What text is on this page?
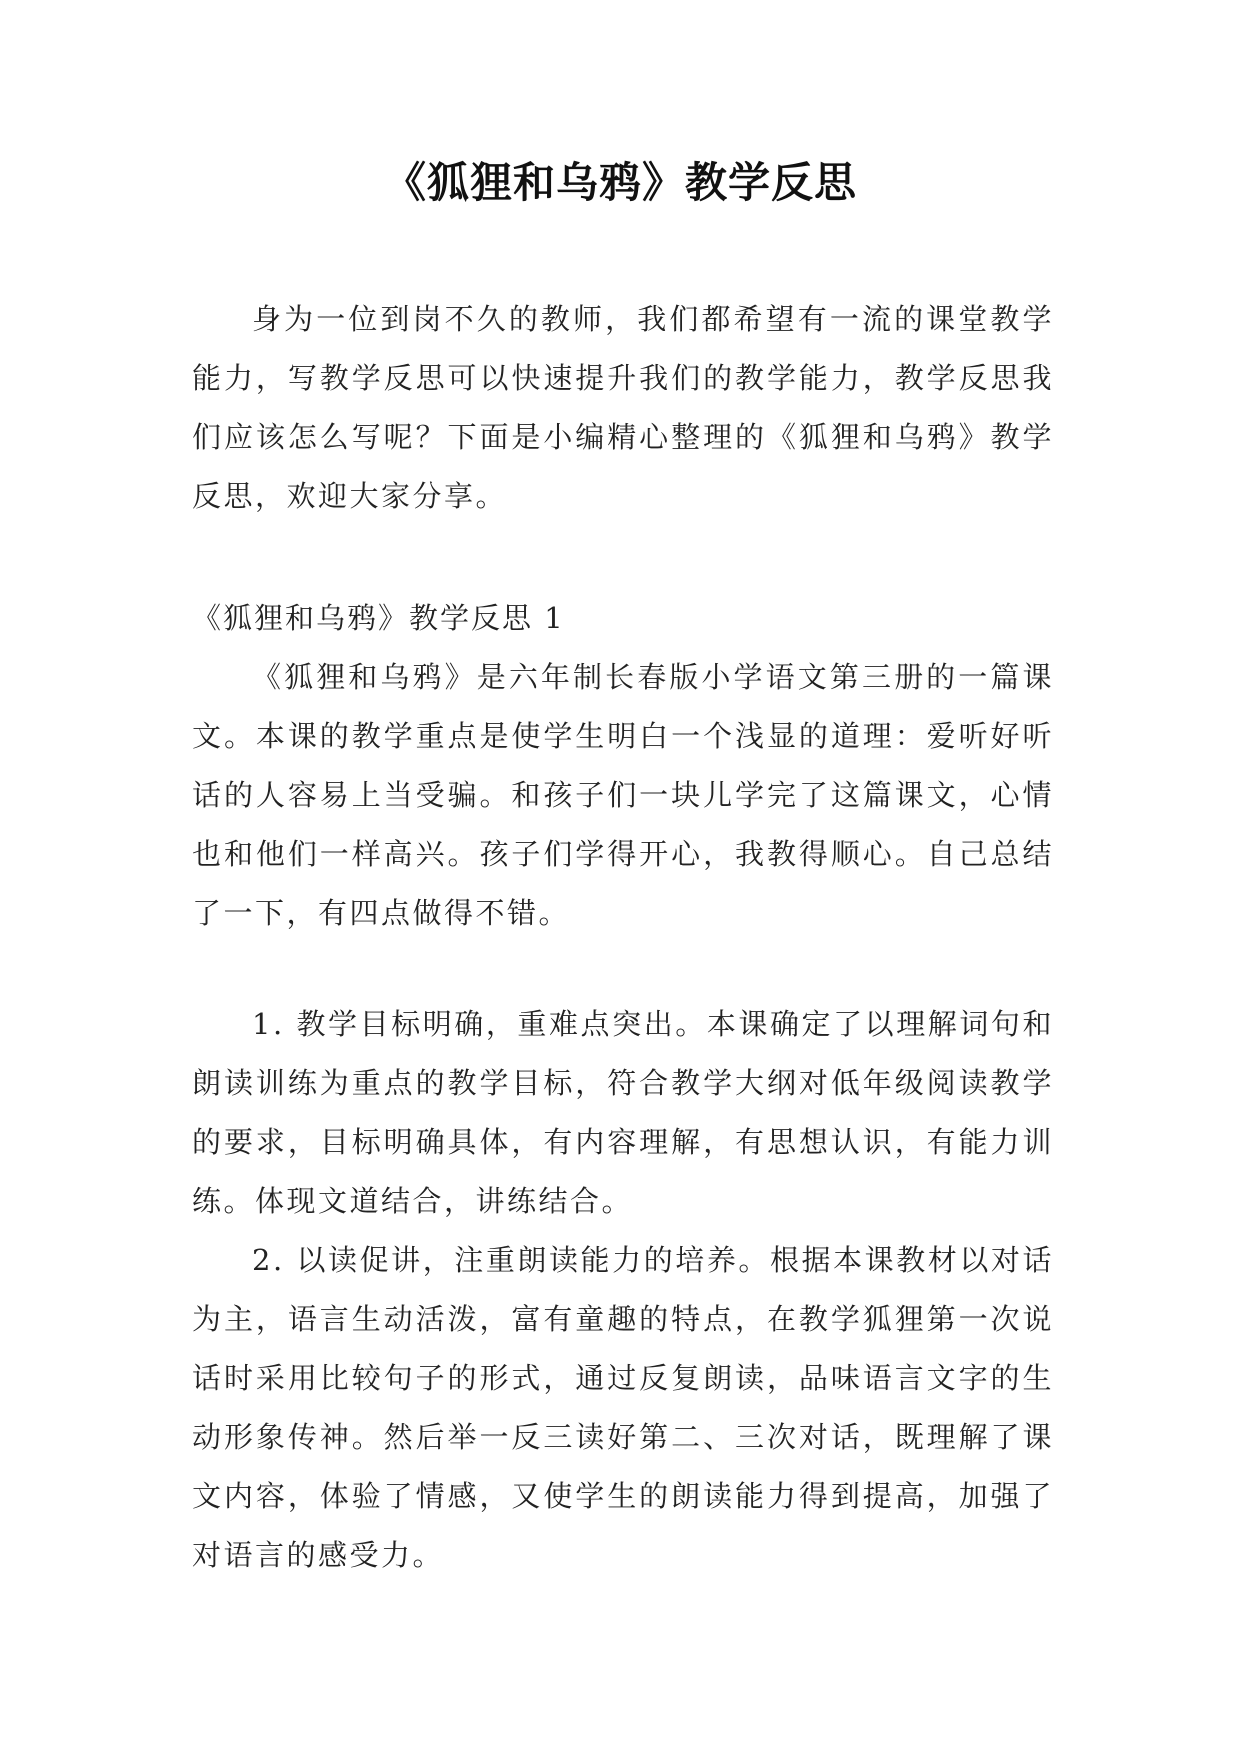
《狐狸和乌鸦》教学反思

身为一位到岗不久的教师，我们都希望有一流的课堂教学能力，写教学反思可以快速提升我们的教学能力，教学反思我们应该怎么写呢？下面是小编精心整理的《狐狸和乌鸦》教学反思，欢迎大家分享。

《狐狸和乌鸦》教学反思 1

《狐狸和乌鸦》是六年制长春版小学语文第三册的一篇课文。本课的教学重点是使学生明白一个浅显的道理：爱听好听话的人容易上当受骗。和孩子们一块儿学完了这篇课文，心情也和他们一样高兴。孩子们学得开心，我教得顺心。自己总结了一下，有四点做得不错。

1. 教学目标明确，重难点突出。本课确定了以理解词句和朗读训练为重点的教学目标，符合教学大纲对低年级阅读教学的要求，目标明确具体，有内容理解，有思想认识，有能力训练。体现文道结合，讲练结合。

2. 以读促讲，注重朗读能力的培养。根据本课教材以对话为主，语言生动活泼，富有童趣的特点，在教学狐狸第一次说话时采用比较句子的形式，通过反复朗读，品味语言文字的生动形象传神。然后举一反三读好第二、三次对话，既理解了课文内容，体验了情感，又使学生的朗读能力得到提高，加强了对语言的感受力。
